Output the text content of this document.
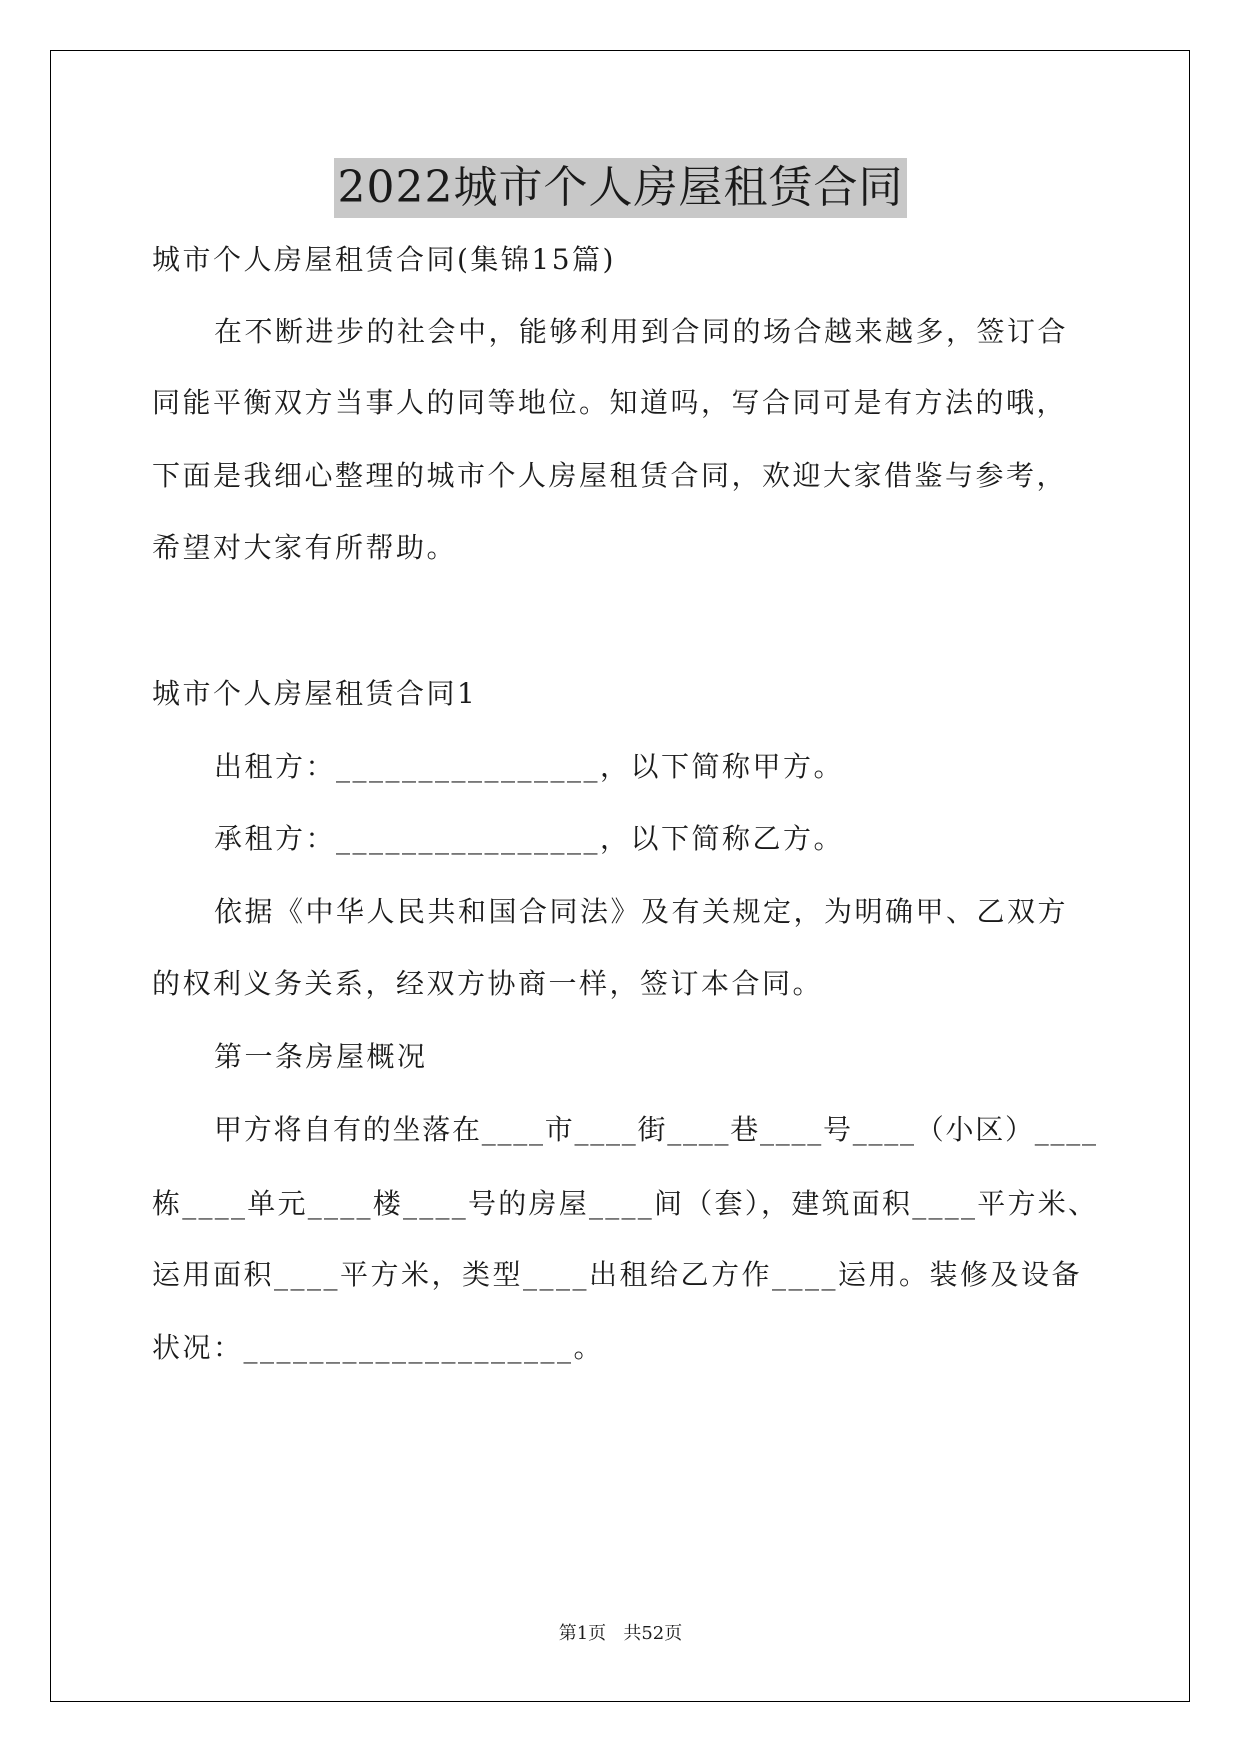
2022城市个人房屋租赁合同

城市个人房屋租赁合同(集锦15篇)

在不断进步的社会中，能够利用到合同的场合越来越多，签订合

同能平衡双方当事人的同等地位。知道吗，写合同可是有方法的哦，

下面是我细心整理的城市个人房屋租赁合同，欢迎大家借鉴与参考，

希望对大家有所帮助。

城市个人房屋租赁合同1

出租方：________________，以下简称甲方。

承租方：________________，以下简称乙方。

依据《中华人民共和国合同法》及有关规定，为明确甲、乙双方

的权利义务关系，经双方协商一样，签订本合同。

第一条房屋概况

甲方将自有的坐落在____市____街____巷____号____（小区）____

栋____单元____楼____号的房屋____间（套），建筑面积____平方米、

运用面积____平方米，类型____出租给乙方作____运用。装修及设备

状况：____________________。

第1页   共52页
